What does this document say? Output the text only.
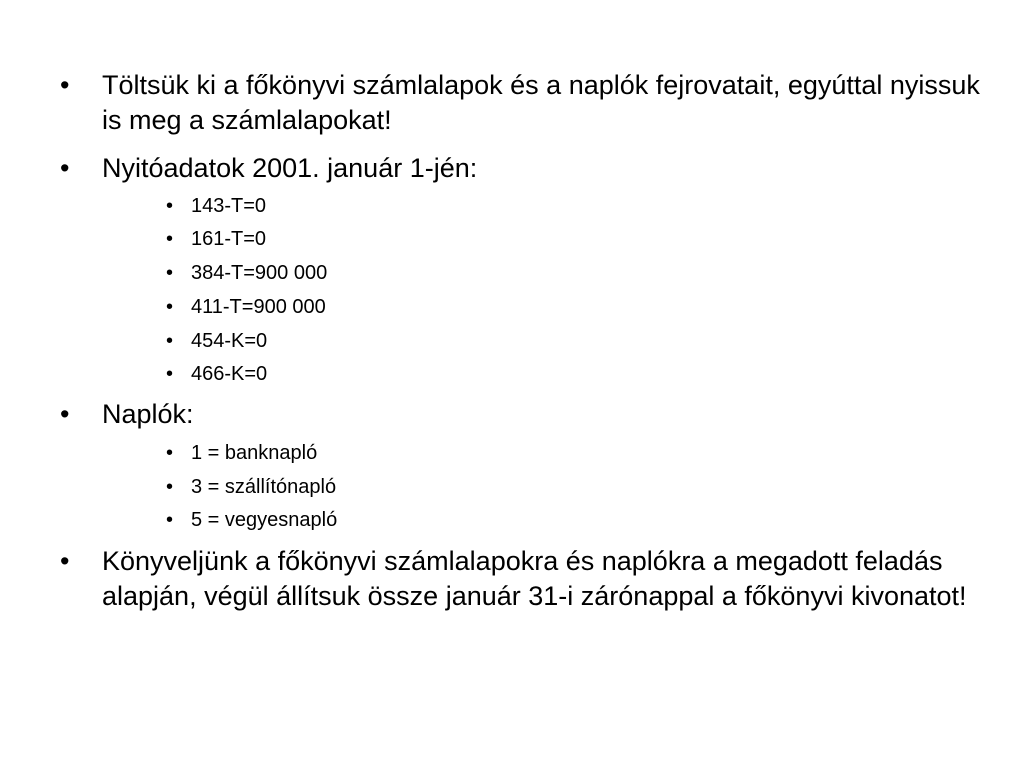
•	Töltsük ki a főkönyvi számlalapok és a naplók fejrovatait, egyúttal nyissuk is meg a számlalapokat!
•	Nyitóadatok 2001. január 1-jén:
• 143-T=0
• 161-T=0
• 384-T=900 000
• 411-T=900 000
• 454-K=0
• 466-K=0
•	Naplók:
• 1 = banknapló
• 3 = szállítónapló
• 5 = vegyesnapló
•	Könyveljünk a főkönyvi számlalapokra és naplókra a megadott feladás alapján, végül állítsuk össze január 31-i zárónappal a főkönyvi kivonatot!
